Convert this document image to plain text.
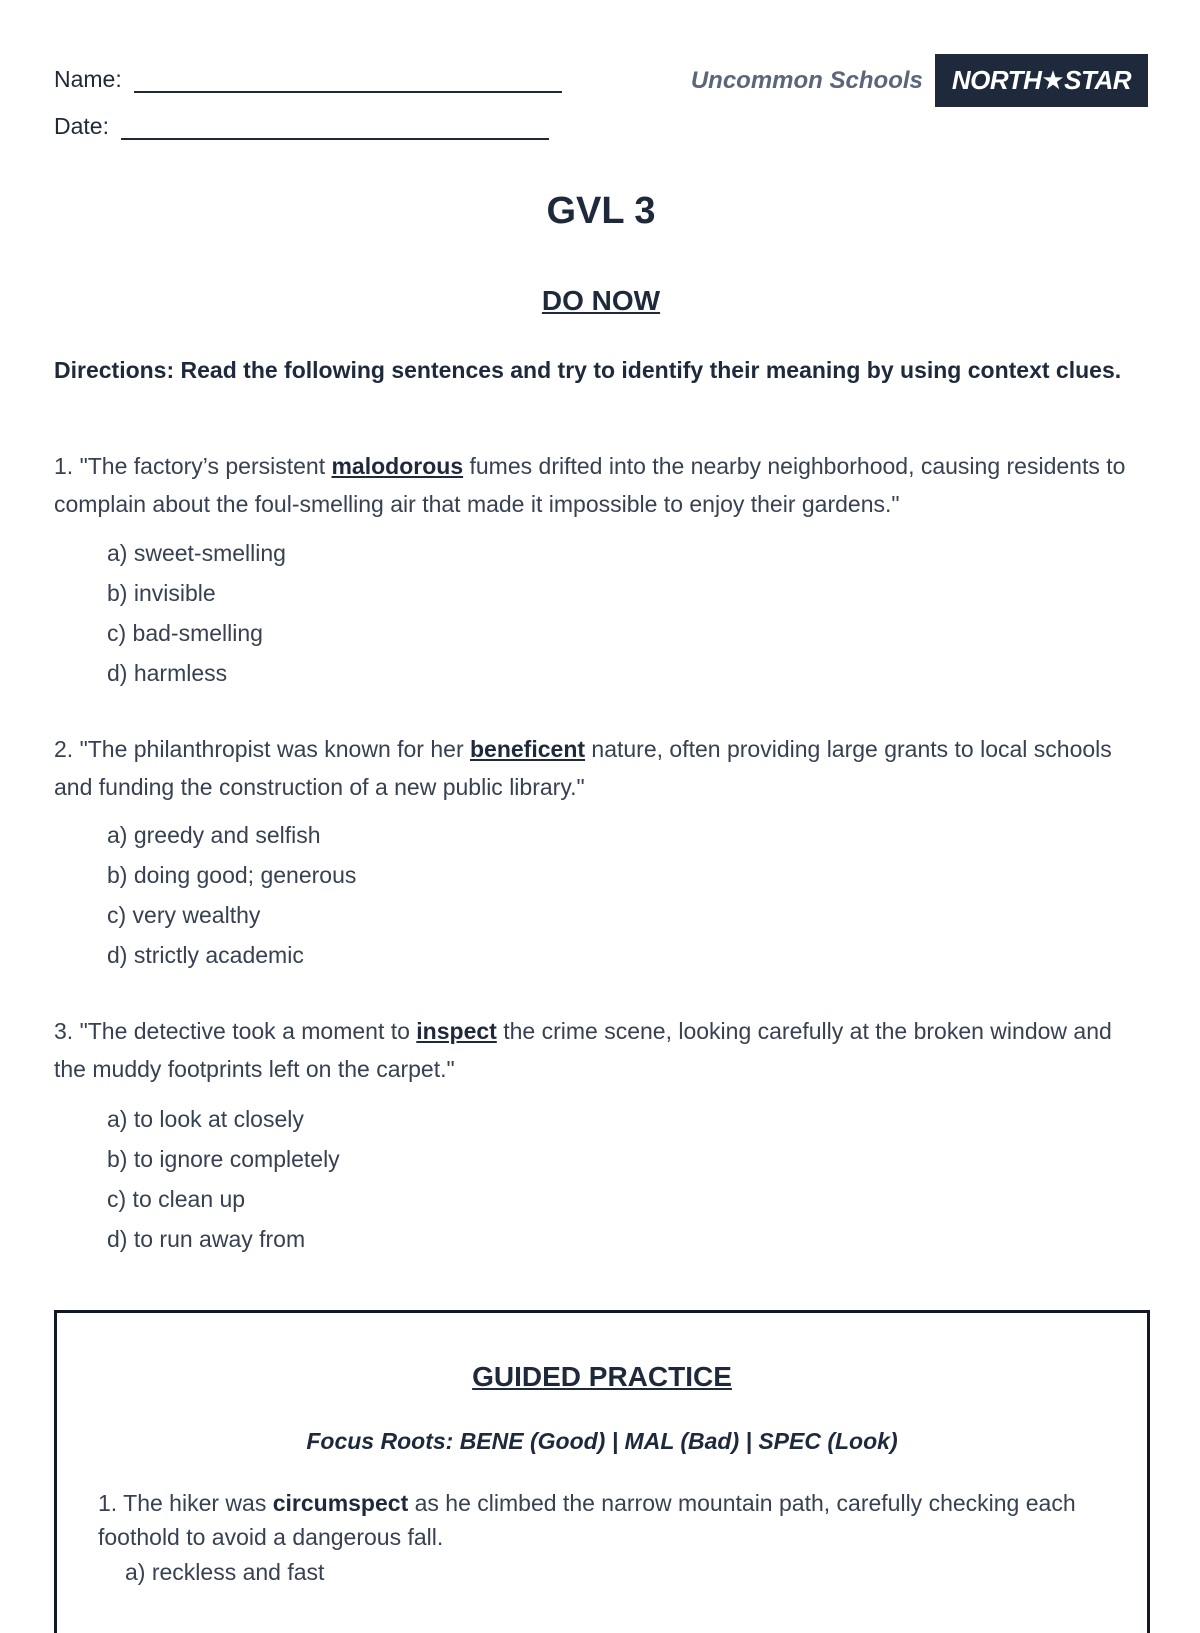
Name:
Date:
Uncommon Schools	NORTH★STAR
GVL 3
DO NOW
Directions: Read the following sentences and try to identify their meaning by using context clues.
1. "The factory’s persistent malodorous fumes drifted into the nearby neighborhood, causing residents to complain about the foul-smelling air that made it impossible to enjoy their gardens."
a) sweet-smelling
b) invisible
c) bad-smelling
d) harmless
2. "The philanthropist was known for her beneficent nature, often providing large grants to local schools and funding the construction of a new public library."
a) greedy and selfish
b) doing good; generous
c) very wealthy
d) strictly academic
3. "The detective took a moment to inspect the crime scene, looking carefully at the broken window and the muddy footprints left on the carpet."
a) to look at closely
b) to ignore completely
c) to clean up
d) to run away from
GUIDED PRACTICE
Focus Roots: BENE (Good) | MAL (Bad) | SPEC (Look)
1. The hiker was circumspect as he climbed the narrow mountain path, carefully checking each foothold to avoid a dangerous fall.
a) reckless and fast
